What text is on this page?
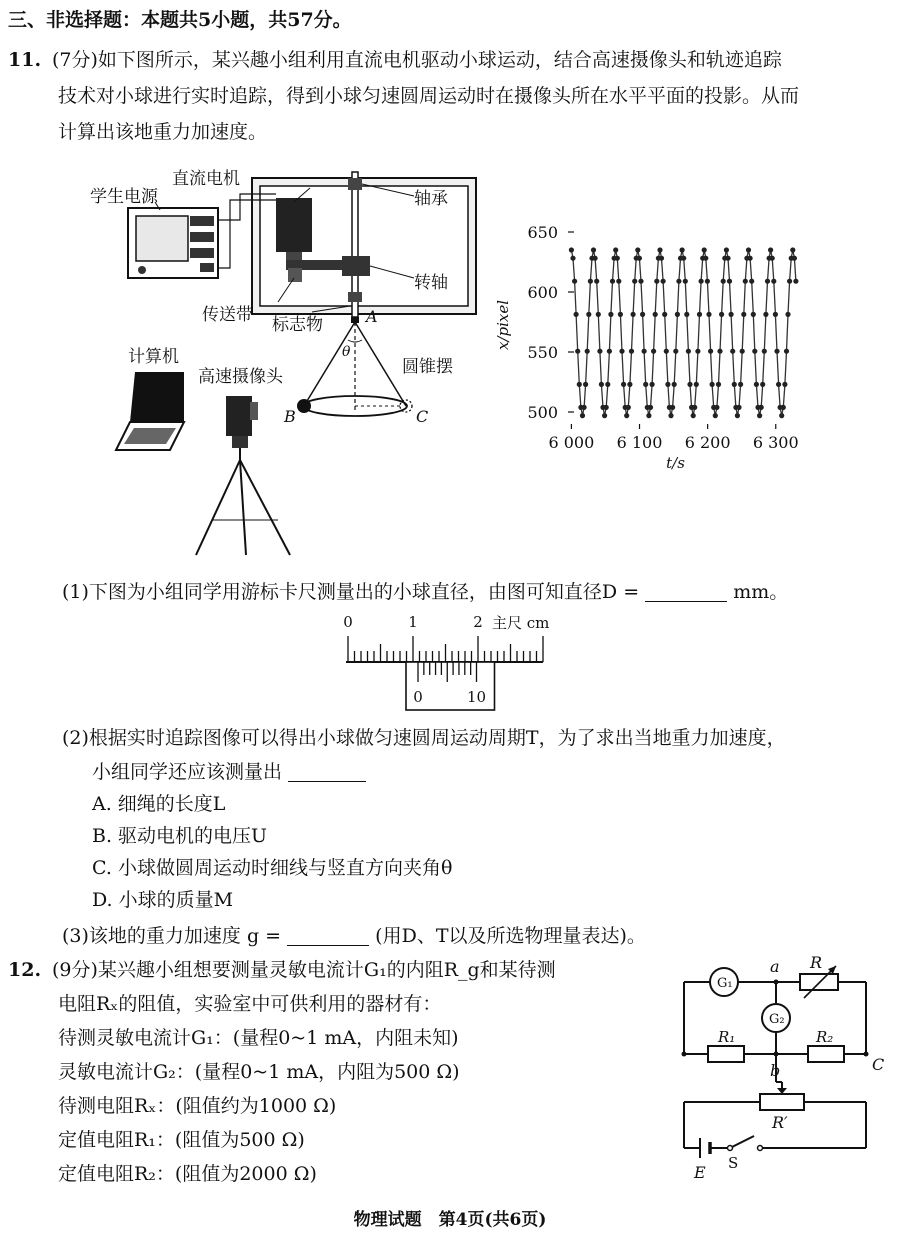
三、非选择题：本题共5小题，共57分。
11. (7分)如下图所示，某兴趣小组利用直流电机驱动小球运动，结合高速摄像头和轨迹追踪
技术对小球进行实时追踪，得到小球匀速圆周运动时在摄像头所在水平平面的投影。从而
计算出该地重力加速度。
学生电源
直流电机
轴承
转轴
传送带 标志物	A
θ
圆锥摆
计算机
高速摄像头
B	C	500
550
600
650
6 000 6 100 6 200 6 300
x/pixel
t/s
(1)下图为小组同学用游标卡尺测量出的小球直径，由图可知直径D =	mm。
0	1	2 主尺 cm
0	10
(2)根据实时追踪图像可以得出小球做匀速圆周运动周期T，为了求出当地重力加速度，
小组同学还应该测量出
A. 细绳的长度L
B. 驱动电机的电压U
C. 小球做圆周运动时细线与竖直方向夹角θ
D. 小球的质量M
(3)该地的重力加速度 g =	(用D、T以及所选物理量表达)。
12. (9分)某兴趣小组想要测量灵敏电流计G₁的内阻R_g和某待测
电阻Rₓ的阻值，实验室中可供利用的器材有：
待测灵敏电流计G₁：(量程0~1 mA，内阻未知)
灵敏电流计G₂：(量程0~1 mA，内阻为500 Ω)
待测电阻Rₓ：(阻值约为1000 Ω)
定值电阻R₁：(阻值为500 Ω)
定值电阻R₂：(阻值为2000 Ω)
G₁
G₂
a
b	C
R
R₁	R₂
R′
E S
物理试题　第4页(共6页)
